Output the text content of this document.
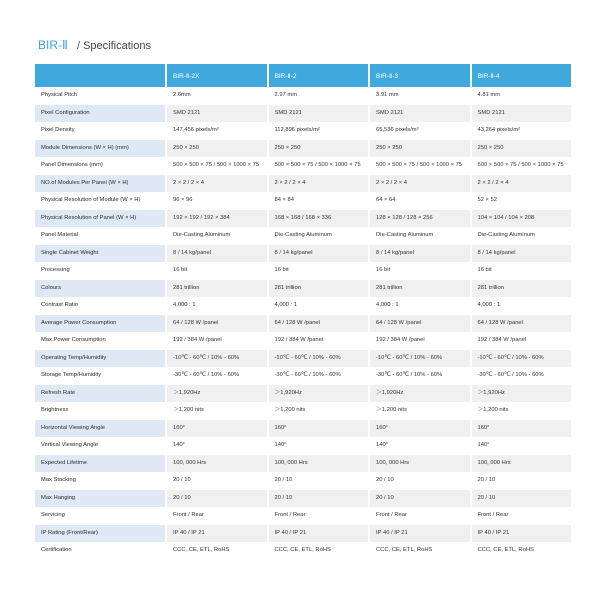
BIR-Ⅱ / Specifications
	BIR-Ⅱ-2X	BIR-Ⅱ-2	BIR-Ⅱ-3	BIR-Ⅱ-4
Physical Pitch	2.6mm	2.97 mm	3.91 mm	4.81 mm
Pixel Configuration	SMD 2121	SMD 2121	SMD 2121	SMD 2121
Pixel Density	147,456 pixels/m²	112,896 pixels/m²	65,536 pixels/m²	43,264 pixels/m²
Module Dimensions (W × H) (mm)	250 × 250	250 × 250	250 × 250	250 × 250
Panel Dimensions (mm)	500 × 500 × 75 / 500 × 1000 × 75	500 × 500 × 75 / 500 × 1000 × 75	500 × 500 × 75 / 500 × 1000 × 75	500 × 500 × 75 / 500 × 1000 × 75
NO.of Modules Per Panel (W × H)	2 × 2 / 2 × 4	2 × 2 / 2 × 4	2 × 2 / 2 × 4	2 × 2 / 2 × 4
Physical Resolution of Module (W × H)	96 × 96	84 × 84	64 × 64	52 × 52
Physical Resolution of Panel (W × H)	192 × 192 / 192 × 384	168 × 168 / 168 × 336	128 × 128 / 128 × 256	104 × 104 / 104 × 208
Panel Material	Die-Casting Aluminum	Die-Casting Aluminum	Die-Casting Aluminum	Die-Casting Aluminum
Single Cabinet Weight	8 / 14 kg/panel	8 / 14 kg/panel	8 / 14 kg/panel	8 / 14 kg/panel
Processing	16 bit	16 bit	16 bit	16 bit
Colours	281 trillion	281 trillion	281 trillion	281 trillion
Contrast Ratio	4,000 : 1	4,000 : 1	4,000 : 1	4,000 : 1
Average Power Consumption	64 / 128 W /panel	64 / 128 W /panel	64 / 128 W /panel	64 / 128 W /panel
Max Power Consumption	192 / 384 W /panel	192 / 384 W /panel	192 / 384 W /panel	192 / 384 W /panel
Operating Temp/Humidity	-10℃ - 60℃ / 10% - 60%	-10℃ - 60℃ / 10% - 60%	-10℃ - 60℃ / 10% - 60%	-10℃ - 60℃ / 10% - 60%
Storage Temp/Humidity	-30℃ - 60℃ / 10% - 60%	-30℃ - 60℃ / 10% - 60%	-30℃ - 60℃ / 10% - 60%	-30℃ - 60℃ / 10% - 60%
Refresh Rate	＞1,920Hz	＞1,920Hz	＞1,920Hz	＞1,920Hz
Brightness	＞1,200 nits	＞1,200 nits	＞1,200 nits	＞1,200 nits
Horizontal Viewing Angle	160°	160°	160°	160°
Vertical Viewing Angle	140°	140°	140°	140°
Expected Lifetime	100, 000 Hrs	100, 000 Hrs	100, 000 Hrs	100, 000 Hrs
Max Stacking	20 / 10	20 / 10	20 / 10	20 / 10
Max Hanging	20 / 10	20 / 10	20 / 10	20 / 10
Servicing	Front / Rear	Front / Rear	Front / Rear	Front / Rear
IP Rating (Front/Rear)	IP 40 / IP 21	IP 40 / IP 21	IP 40 / IP 21	IP 40 / IP 21
Certification	CCC, CE, ETL, RoHS	CCC, CE, ETL, RoHS	CCC, CE, ETL, RoHS	CCC, CE, ETL, RoHS
